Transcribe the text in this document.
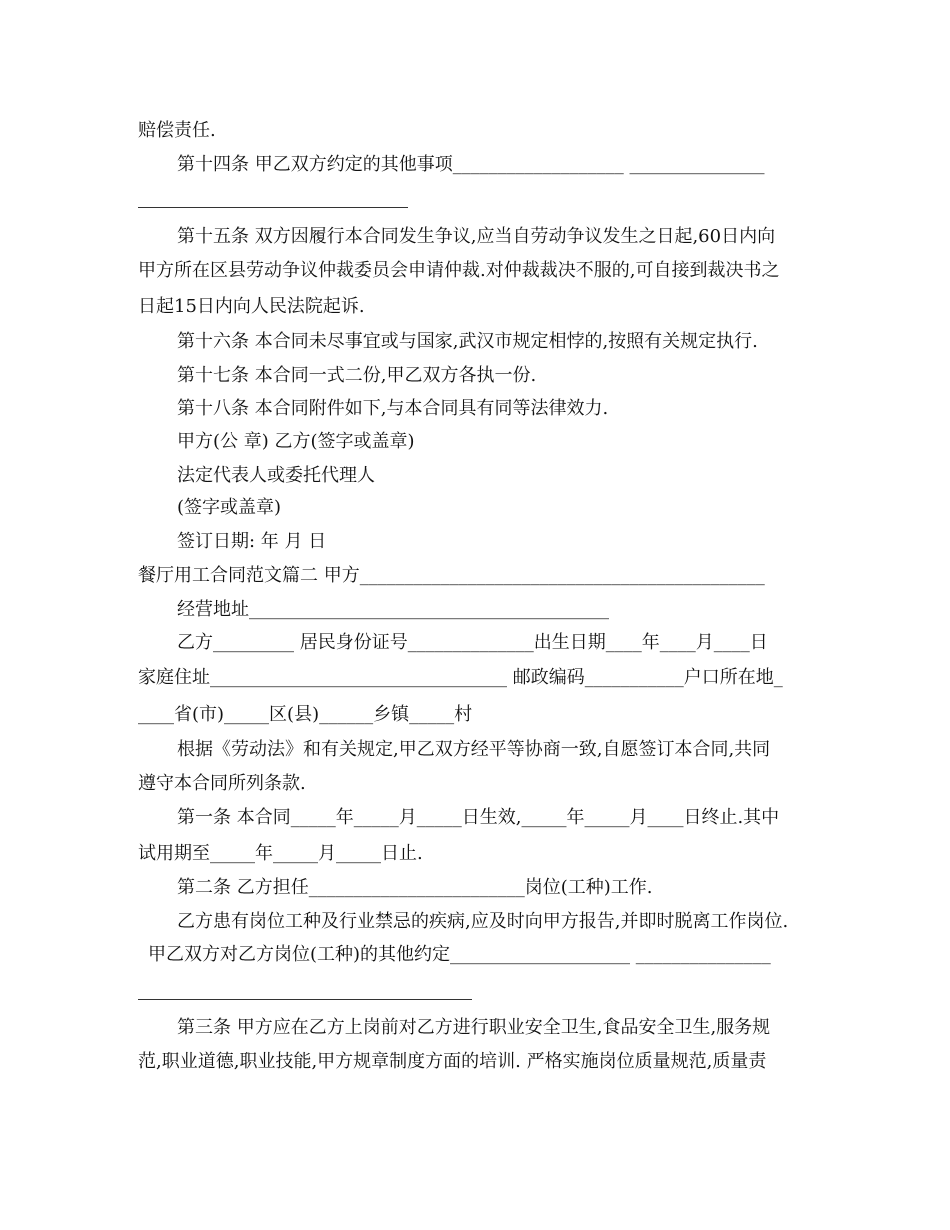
赔偿责任.
第十四条 甲乙双方约定的其他事项___________________ _______________
第十五条 双方因履行本合同发生争议,应当自劳动争议发生之日起,60日内向
甲方所在区县劳动争议仲裁委员会申请仲裁.对仲裁裁决不服的,可自接到裁决书之
日起15日内向人民法院起诉.
第十六条 本合同未尽事宜或与国家,武汉市规定相悖的,按照有关规定执行.
第十七条 本合同一式二份,甲乙双方各执一份.
第十八条 本合同附件如下,与本合同具有同等法律效力.
甲方(公 章) 乙方(签字或盖章)
法定代表人或委托代理人
(签字或盖章)
签订日期: 年 月 日
餐厅用工合同范文篇二 甲方_____________________________________________
经营地址________________________________________
乙方_________ 居民身份证号______________出生日期____年____月____日
家庭住址_________________________________ 邮政编码___________户口所在地_
____省(市)_____区(县)______乡镇_____村
根据《劳动法》和有关规定,甲乙双方经平等协商一致,自愿签订本合同,共同
遵守本合同所列条款.
第一条 本合同_____年_____月_____日生效,_____年_____月____日终止.其中
试用期至_____年_____月_____日止.
第二条 乙方担任________________________岗位(工种)工作.
乙方患有岗位工种及行业禁忌的疾病,应及时向甲方报告,并即时脱离工作岗位.
甲乙双方对乙方岗位(工种)的其他约定____________________ _______________
第三条 甲方应在乙方上岗前对乙方进行职业安全卫生,食品安全卫生,服务规
范,职业道德,职业技能,甲方规章制度方面的培训. 严格实施岗位质量规范,质量责
